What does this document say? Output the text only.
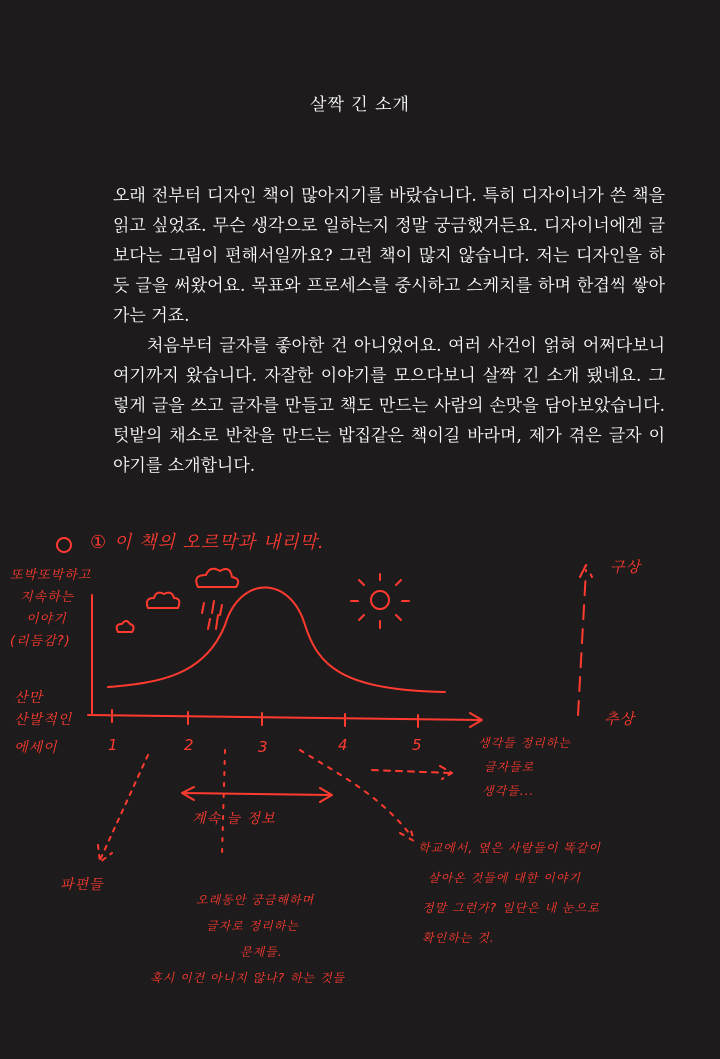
살짝 긴 소개

오래 전부터 디자인 책이 많아지기를 바랐습니다. 특히 디자이너가 쓴 책을 읽고 싶었죠. 무슨 생각으로 일하는지 정말 궁금했거든요. 디자이너에겐 글보다는 그림이 편해서일까요? 그런 책이 많지 않습니다. 저는 디자인을 하듯 글을 써왔어요. 목표와 프로세스를 중시하고 스케치를 하며 한겹씩 쌓아가는 거죠.

처음부터 글자를 좋아한 건 아니었어요. 여러 사건이 얽혀 어쩌다보니 여기까지 왔습니다. 자잘한 이야기를 모으다보니 살짝 긴 소개 됐네요. 그렇게 글을 쓰고 글자를 만들고 책도 만드는 사람의 손맛을 담아보았습니다. 텃밭의 채소로 반찬을 만드는 밥집같은 책이길 바라며, 제가 겪은 글자 이야기를 소개합니다.

① 이 책의 오르막과 내리막.
또박또박하고
지속하는
이야기
(리듬감?)
산만
산발적인
에세이	1	2	3	4	5
구상
추상
파편들
계속 늘 정보
오래동안 궁금해하며
글자로 정리하는
문제들.
혹시 이건 아니지 않나? 하는 것들
생각들 정리하는
글자들로
생각들...
학교에서, 옆은 사람들이 똑같이
살아온 것들에 대한 이야기
정말 그런가? 일단은 내 눈으로
확인하는 것.
